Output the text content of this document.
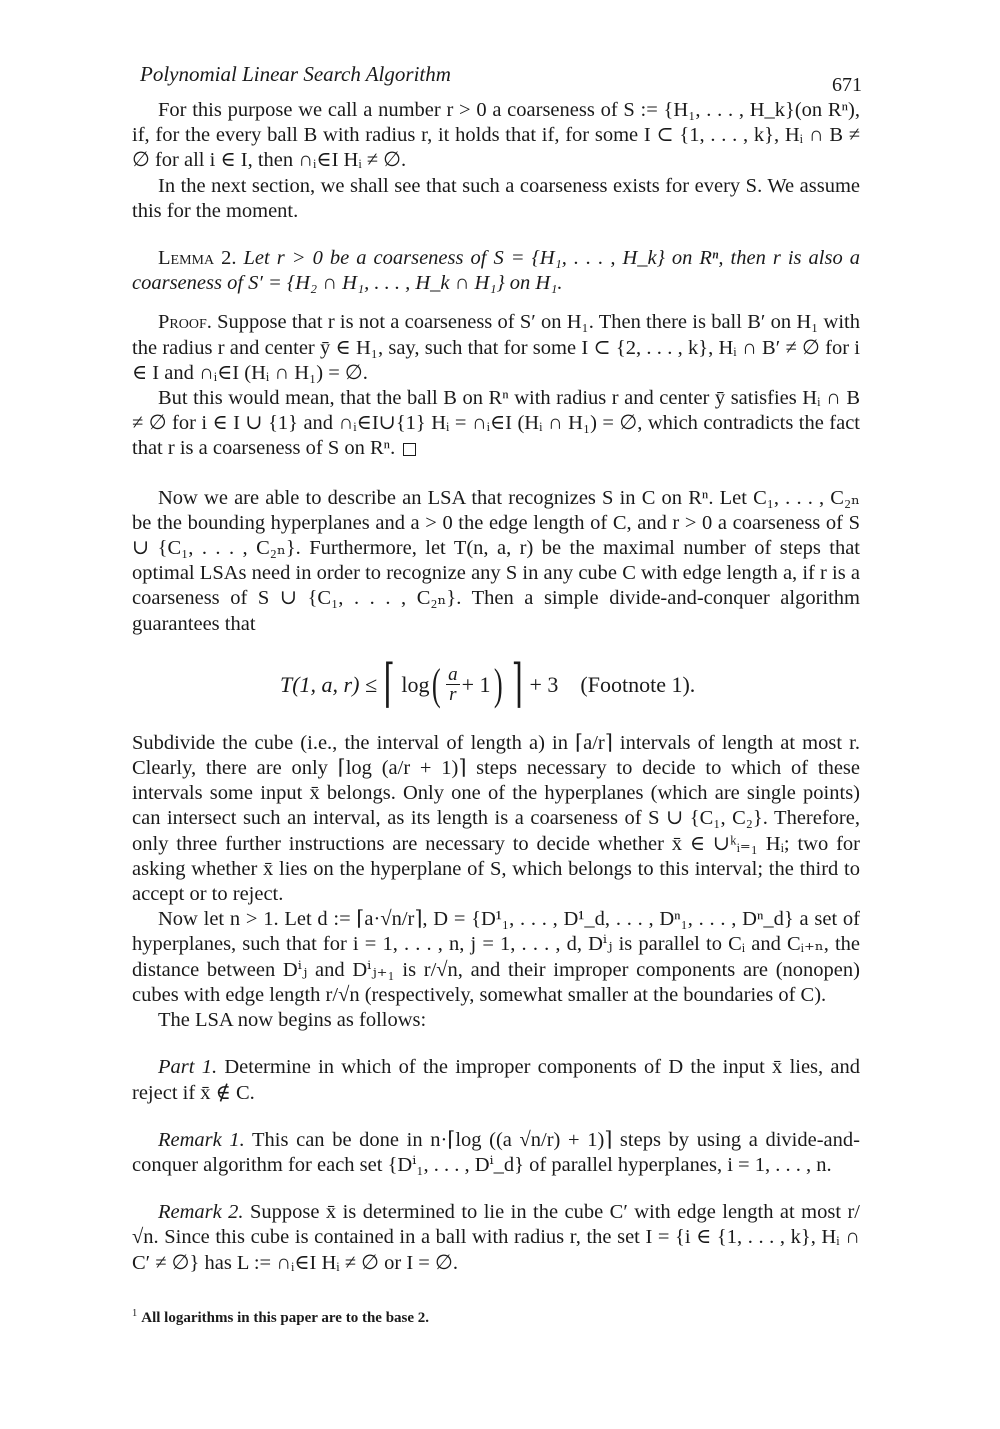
Polynomial Linear Search Algorithm	671

For this purpose we call a number r > 0 a coarseness of S := {H₁, . . . , H_k}(on Rⁿ), if, for the every ball B with radius r, it holds that if, for some I ⊂ {1, . . . , k}, Hᵢ ∩ B ≠ ∅ for all i ∈ I, then ∩ᵢ∈I Hᵢ ≠ ∅.

In the next section, we shall see that such a coarseness exists for every S. We assume this for the moment.

Lemma 2. Let r > 0 be a coarseness of S = {H₁, . . . , H_k} on Rⁿ, then r is also a coarseness of S′ = {H₂ ∩ H₁, . . . , H_k ∩ H₁} on H₁.

Proof. Suppose that r is not a coarseness of S′ on H₁. Then there is ball B′ on H₁ with the radius r and center ȳ ∈ H₁, say, such that for some I ⊂ {2, . . . , k}, Hᵢ ∩ B′ ≠ ∅ for i ∈ I and ∩ᵢ∈I (Hᵢ ∩ H₁) = ∅.

But this would mean, that the ball B on Rⁿ with radius r and center ȳ satisfies Hᵢ ∩ B ≠ ∅ for i ∈ I ∪ {1} and ∩ᵢ∈I∪{1} Hᵢ = ∩ᵢ∈I (Hᵢ ∩ H₁) = ∅, which contradicts the fact that r is a coarseness of S on Rⁿ.

Now we are able to describe an LSA that recognizes S in C on Rⁿ. Let C₁, . . . , C₂ₙ be the bounding hyperplanes and a > 0 the edge length of C, and r > 0 a coarseness of S ∪ {C₁, . . . , C₂ₙ}. Furthermore, let T(n, a, r) be the maximal number of steps that optimal LSAs need in order to recognize any S in any cube C with edge length a, if r is a coarseness of S ∪ {C₁, . . . , C₂ₙ}. Then a simple divide-and-conquer algorithm guarantees that

T(1, a, r) ≤ ⌈ log ( $\frac{a}{r} + 1$ ) ⌉ + 3 (Footnote 1).

Subdivide the cube (i.e., the interval of length a) in ⌈a/r⌉ intervals of length at most r. Clearly, there are only ⌈log (a/r + 1)⌉ steps necessary to decide to which of these intervals some input x̄ belongs. Only one of the hyperplanes (which are single points) can intersect such an interval, as its length is a coarseness of S ∪ {C₁, C₂}. Therefore, only three further instructions are necessary to decide whether x̄ ∈ ∪ᵏᵢ₌₁ Hᵢ; two for asking whether x̄ lies on the hyperplane of S, which belongs to this interval; the third to accept or to reject.

Now let n > 1. Let d := ⌈a·√n/r⌉, D = {D¹₁, . . . , D¹_d, . . . , Dⁿ₁, . . . , Dⁿ_d} a set of hyperplanes, such that for i = 1, . . . , n, j = 1, . . . , d, Dⁱⱼ is parallel to Cᵢ and Cᵢ₊ₙ, the distance between Dⁱⱼ and Dⁱⱼ₊₁ is r/√n, and their improper components are (nonopen) cubes with edge length r/√n (respectively, somewhat smaller at the boundaries of C).

The LSA now begins as follows:

Part 1. Determine in which of the improper components of D the input x̄ lies, and reject if x̄ ∉ C.

Remark 1. This can be done in n·⌈log ((a √n/r) + 1)⌉ steps by using a divide-and-conquer algorithm for each set {Dⁱ₁, . . . , Dⁱ_d} of parallel hyperplanes, i = 1, . . . , n.

Remark 2. Suppose x̄ is determined to lie in the cube C′ with edge length at most r/√n. Since this cube is contained in a ball with radius r, the set I = {i ∈ {1, . . . , k}, Hᵢ ∩ C′ ≠ ∅} has L := ∩ᵢ∈I Hᵢ ≠ ∅ or I = ∅.

$^1$ All logarithms in this paper are to the base 2.
